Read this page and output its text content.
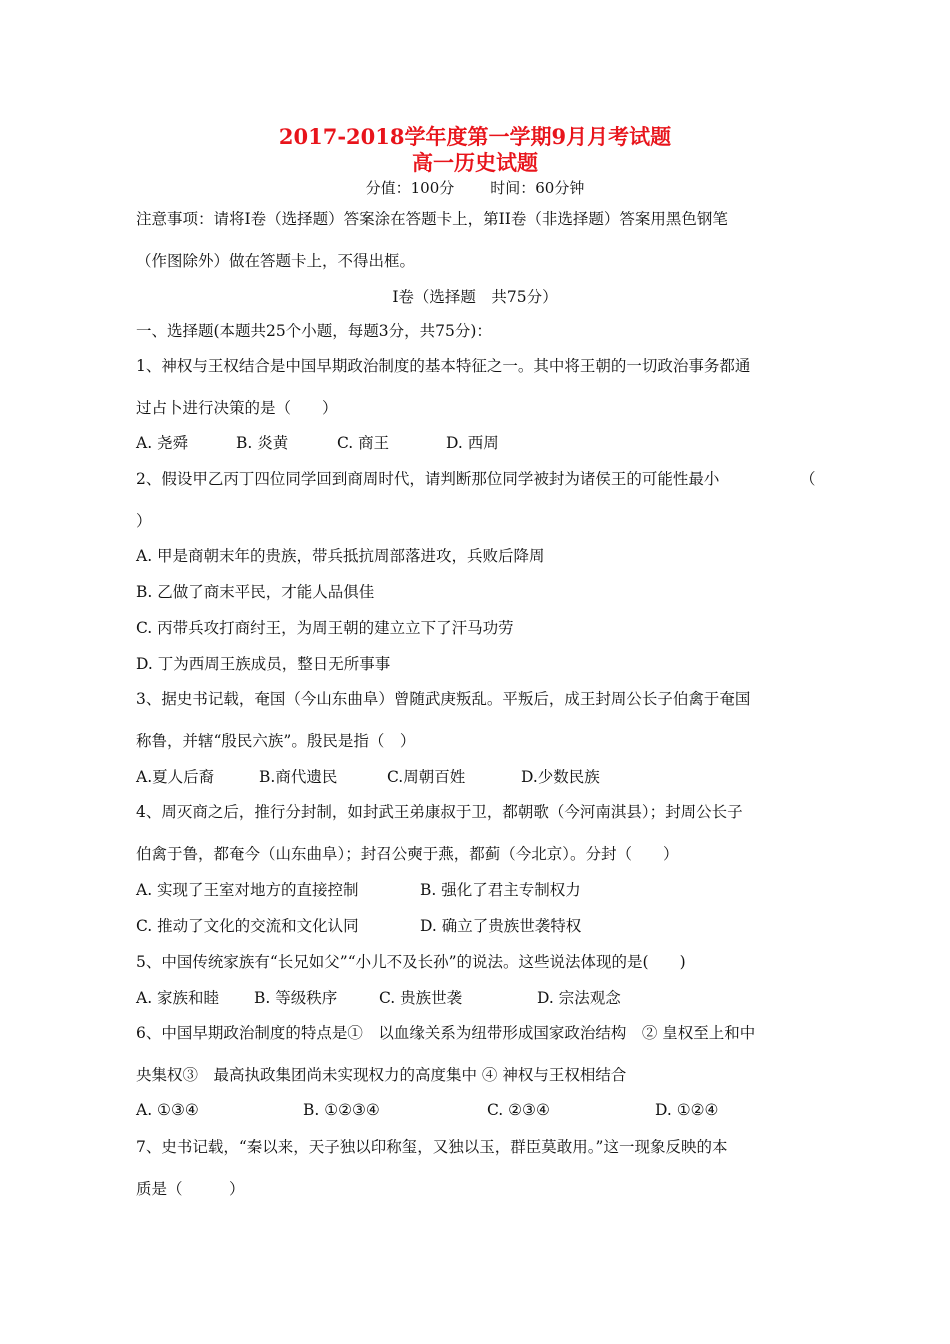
2017-2018学年度第一学期9月月考试题
高一历史试题
分值：100分 时间：60分钟
注意事项：请将I卷（选择题）答案涂在答题卡上，第II卷（非选择题）答案用黑色钢笔
（作图除外）做在答题卡上，不得出框。
I卷（选择题　共75分）
一、选择题(本题共25个小题，每题3分，共75分)：
1、神权与王权结合是中国早期政治制度的基本特征之一。其中将王朝的一切政治事务都通
过占卜进行决策的是（　　）
A. 尧舜	B. 炎黄	C. 商王	D. 西周
2、假设甲乙丙丁四位同学回到商周时代，请判断那位同学被封为诸侯王的可能性最小	（
）
A. 甲是商朝末年的贵族，带兵抵抗周部落进攻，兵败后降周
B. 乙做了商末平民，才能人品俱佳
C. 丙带兵攻打商纣王，为周王朝的建立立下了汗马功劳
D. 丁为西周王族成员，整日无所事事
3、据史书记载，奄国（今山东曲阜）曾随武庚叛乱。平叛后，成王封周公长子伯禽于奄国
称鲁，并辖“殷民六族”。殷民是指（　）
A.夏人后裔	B.商代遗民	C.周朝百姓	D.少数民族
4、周灭商之后，推行分封制，如封武王弟康叔于卫，都朝歌（今河南淇县）；封周公长子
伯禽于鲁，都奄今（山东曲阜）；封召公奭于燕，都蓟（今北京）。分封（　　）
A. 实现了王室对地方的直接控制	B. 强化了君主专制权力
C. 推动了文化的交流和文化认同	D. 确立了贵族世袭特权
5、中国传统家族有“长兄如父”“小儿不及长孙”的说法。这些说法体现的是(　　)
A. 家族和睦 B. 等级秩序	C. 贵族世袭	D. 宗法观念
6、中国早期政治制度的特点是①　以血缘关系为纽带形成国家政治结构　② 皇权至上和中
央集权③　最高执政集团尚未实现权力的高度集中 ④ 神权与王权相结合
A. ①③④	B. ①②③④	C. ②③④	D. ①②④
7、史书记载，“秦以来，天子独以印称玺，又独以玉，群臣莫敢用。”这一现象反映的本
质是（　　　）
